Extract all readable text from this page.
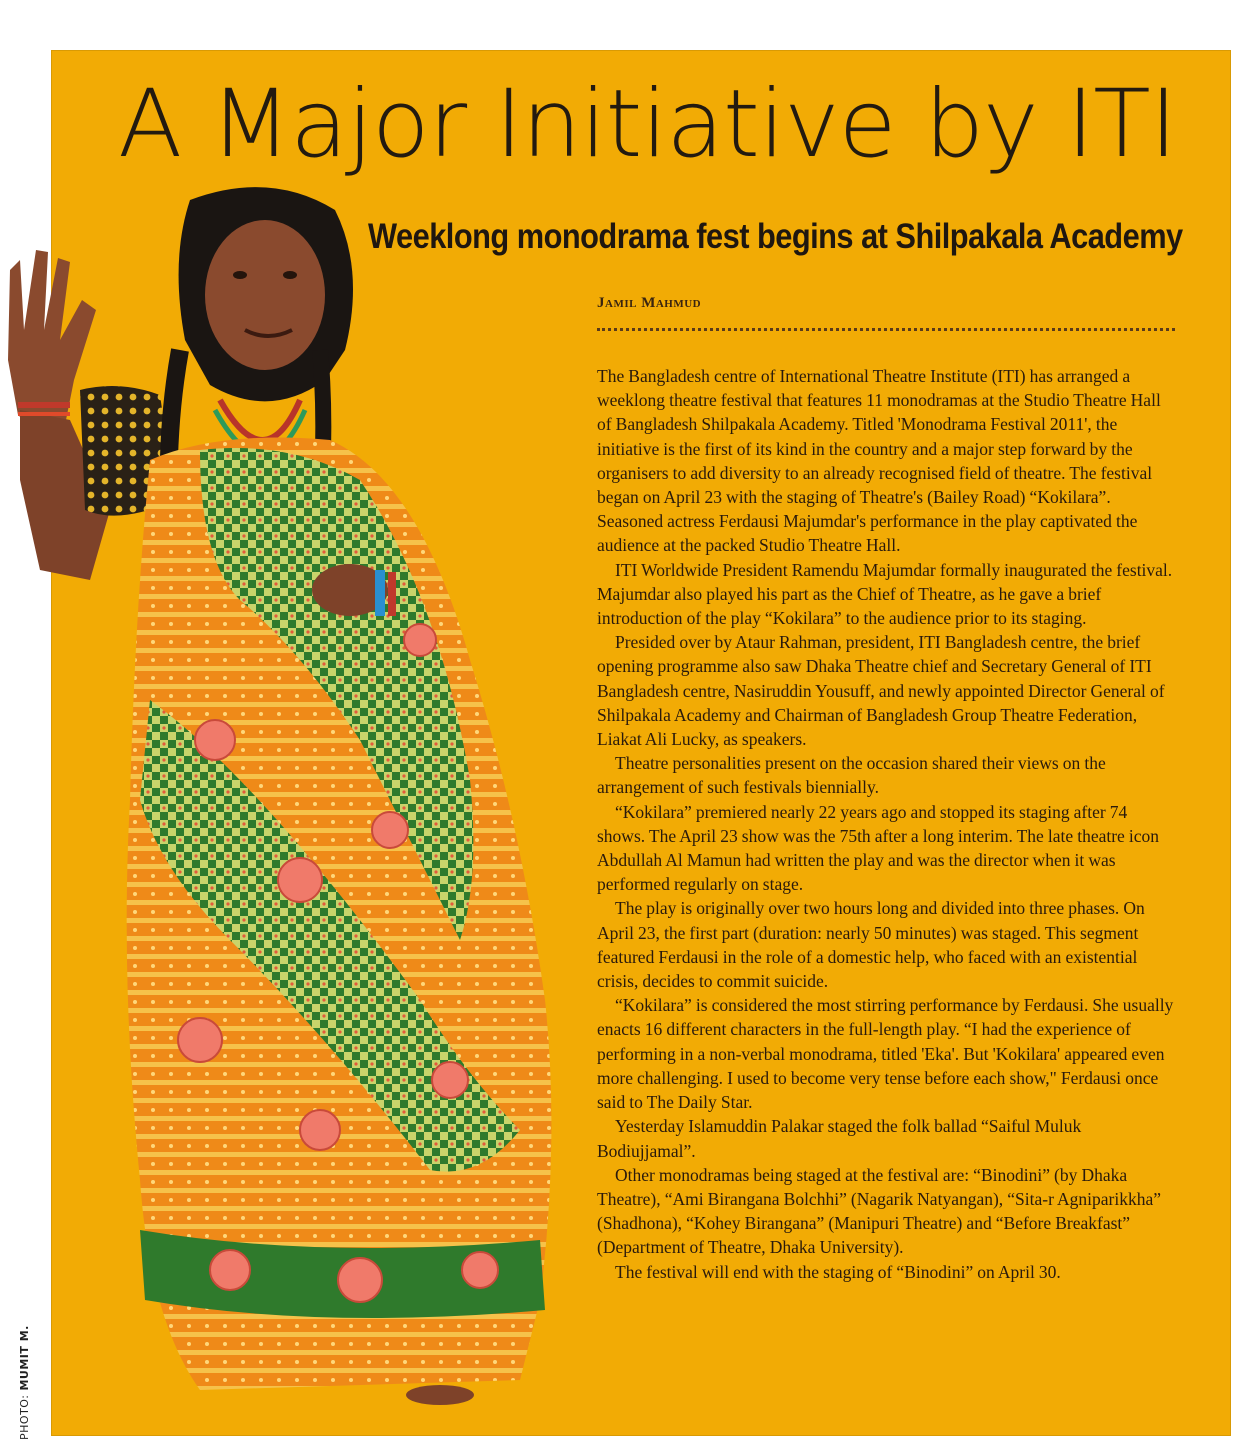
A Major Initiative by ITI
Weeklong monodrama fest begins at Shilpakala Academy
Jamil Mahmud

The Bangladesh centre of International Theatre Institute (ITI) has arranged a weeklong theatre festival that features 11 monodramas at the Studio Theatre Hall of Bangladesh Shilpakala Academy. Titled 'Monodrama Festival 2011', the initiative is the first of its kind in the country and a major step forward by the organisers to add diversity to an already recognised field of theatre. The festival began on April 23 with the staging of Theatre's (Bailey Road) “Kokilara”. Seasoned actress Ferdausi Majumdar's performance in the play captivated the audience at the packed Studio Theatre Hall.

ITI Worldwide President Ramendu Majumdar formally inaugurated the festival. Majumdar also played his part as the Chief of Theatre, as he gave a brief introduction of the play “Kokilara” to the audience prior to its staging.

Presided over by Ataur Rahman, president, ITI Bangladesh centre, the brief opening programme also saw Dhaka Theatre chief and Secretary General of ITI Bangladesh centre, Nasiruddin Yousuff, and newly appointed Director General of Shilpakala Academy and Chairman of Bangladesh Group Theatre Federation, Liakat Ali Lucky, as speakers.

Theatre personalities present on the occasion shared their views on the arrangement of such festivals biennially.

“Kokilara” premiered nearly 22 years ago and stopped its staging after 74 shows. The April 23 show was the 75th after a long interim. The late theatre icon Abdullah Al Mamun had written the play and was the director when it was performed regularly on stage.

The play is originally over two hours long and divided into three phases. On April 23, the first part (duration: nearly 50 minutes) was staged. This segment featured Ferdausi in the role of a domestic help, who faced with an existential crisis, decides to commit suicide.

“Kokilara” is considered the most stirring performance by Ferdausi. She usually enacts 16 different characters in the full-length play. “I had the experience of performing in a non-verbal monodrama, titled 'Eka'. But 'Kokilara' appeared even more challenging. I used to become very tense before each show," Ferdausi once said to The Daily Star.

Yesterday Islamuddin Palakar staged the folk ballad “Saiful Muluk Bodiujjamal”.

Other monodramas being staged at the festival are: “Binodini” (by Dhaka Theatre), “Ami Birangana Bolchhi” (Nagarik Natyangan), “Sita-r Agniparikkha” (Shadhona), “Kohey Birangana” (Manipuri Theatre) and “Before Breakfast” (Department of Theatre, Dhaka University).

The festival will end with the staging of “Binodini” on April 30.

PHOTO: MUMIT M.
